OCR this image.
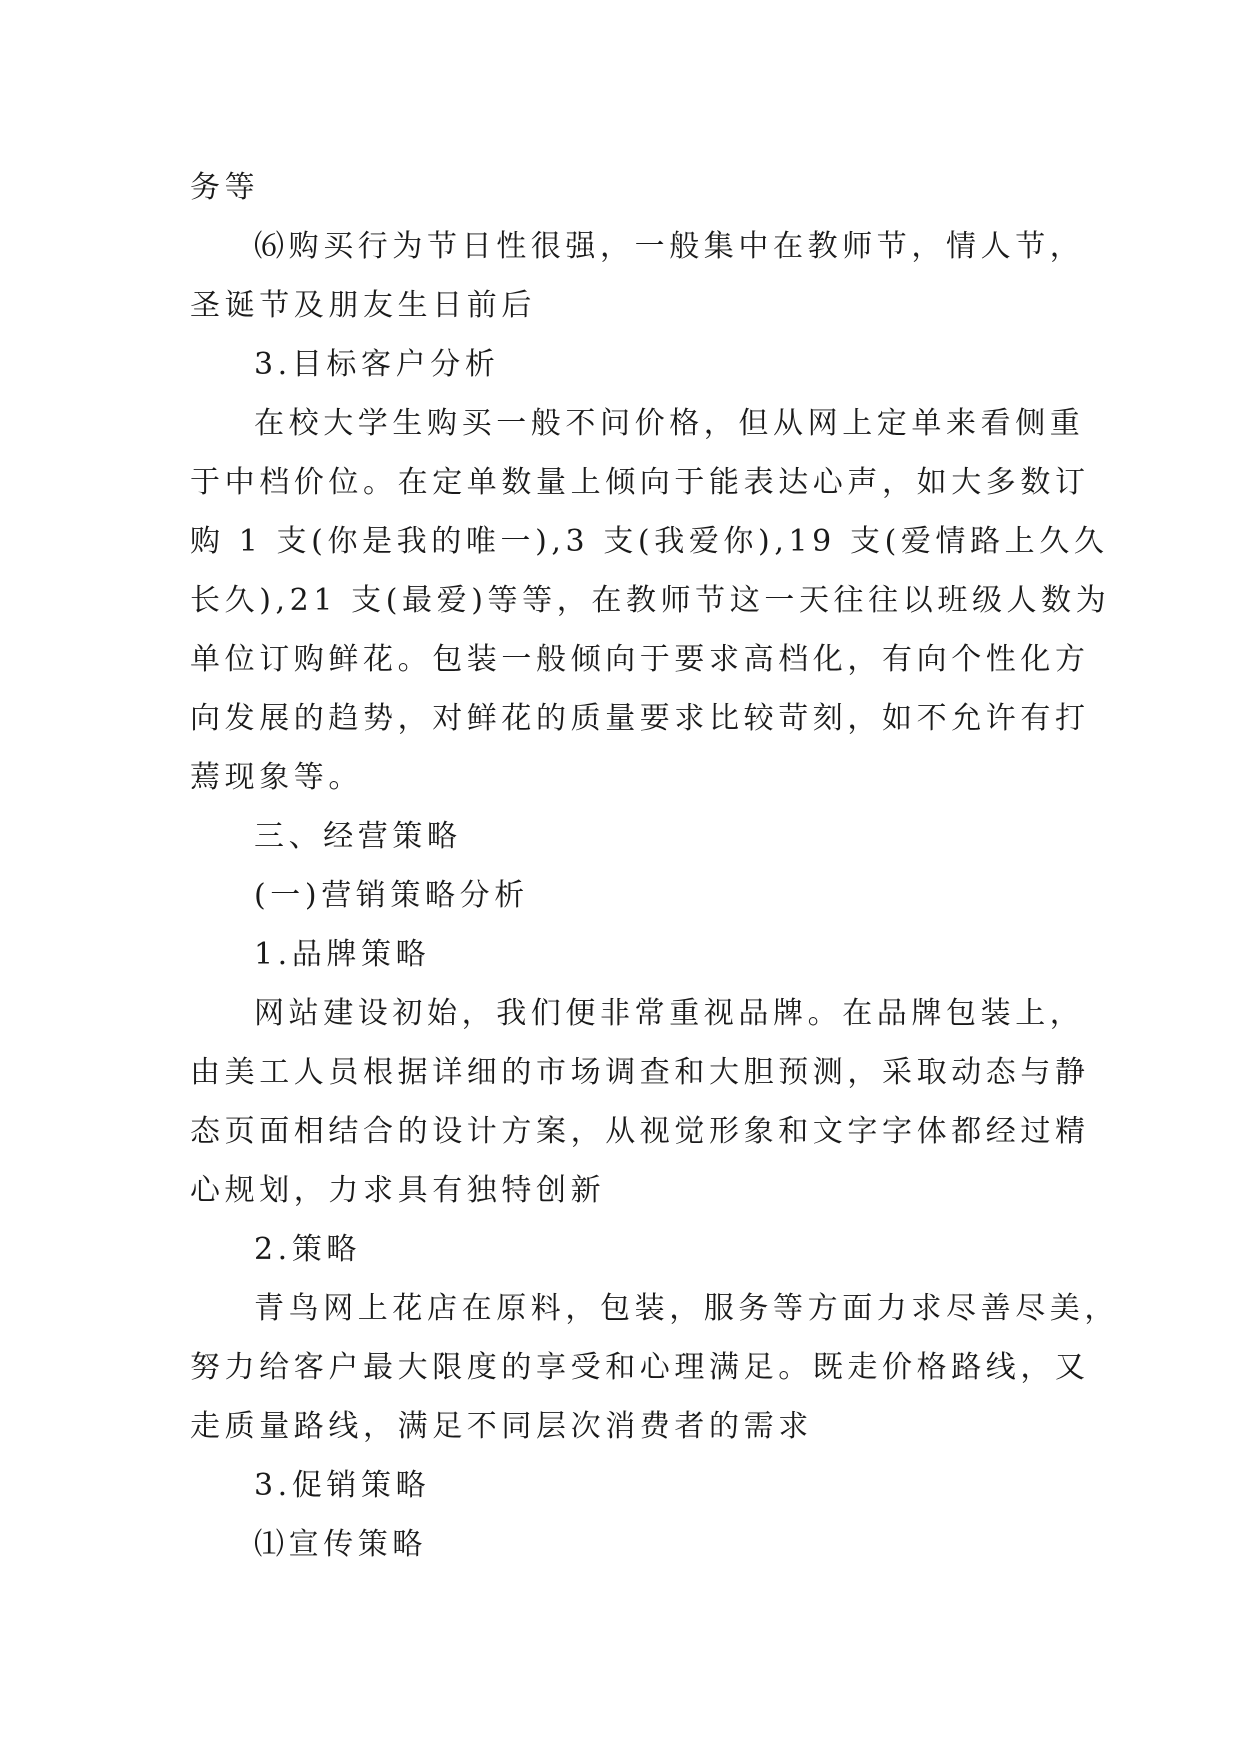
务等
⑹购买行为节日性很强，一般集中在教师节，情人节，
圣诞节及朋友生日前后
3.目标客户分析
在校大学生购买一般不问价格，但从网上定单来看侧重
于中档价位。在定单数量上倾向于能表达心声，如大多数订
购 1 支(你是我的唯一),3 支(我爱你),19 支(爱情路上久久
长久),21 支(最爱)等等，在教师节这一天往往以班级人数为
单位订购鲜花。包装一般倾向于要求高档化，有向个性化方
向发展的趋势，对鲜花的质量要求比较苛刻，如不允许有打
蔫现象等。
三、经营策略
(一)营销策略分析
1.品牌策略
网站建设初始，我们便非常重视品牌。在品牌包装上，
由美工人员根据详细的市场调查和大胆预测，采取动态与静
态页面相结合的设计方案，从视觉形象和文字字体都经过精
心规划，力求具有独特创新
2.策略
青鸟网上花店在原料，包装，服务等方面力求尽善尽美，
努力给客户最大限度的享受和心理满足。既走价格路线，又
走质量路线，满足不同层次消费者的需求
3.促销策略
⑴宣传策略
